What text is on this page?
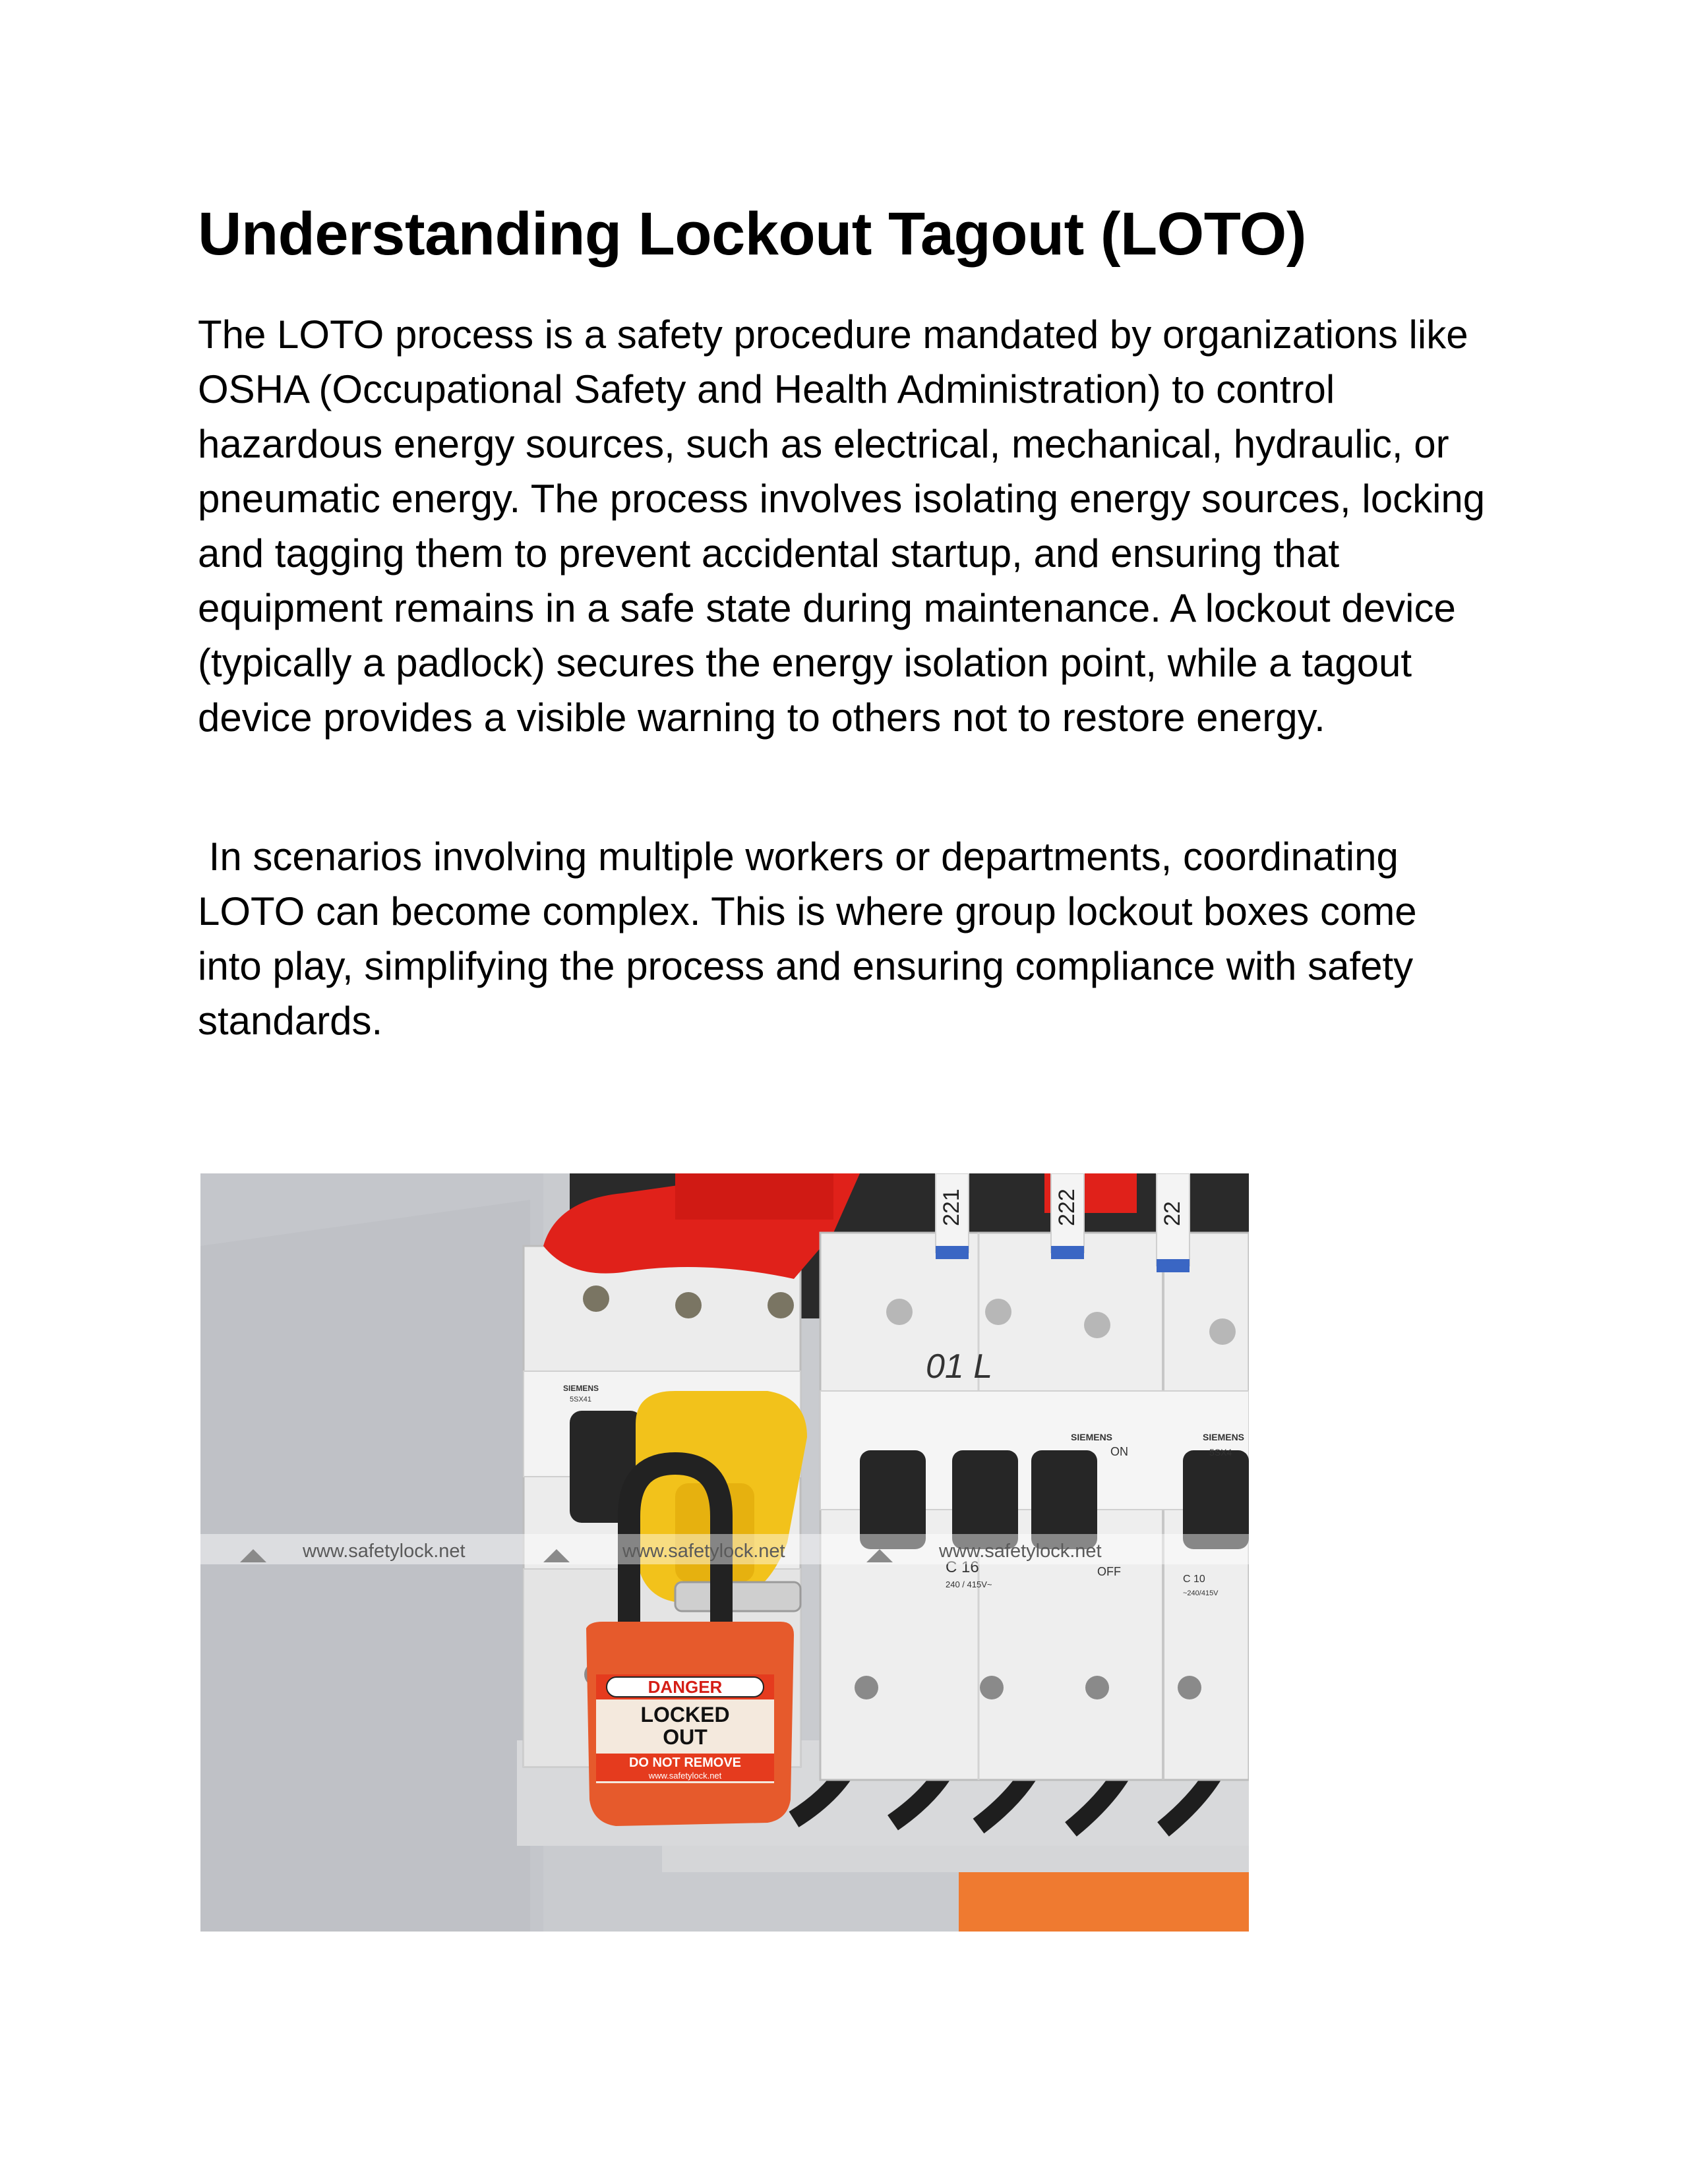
Understanding Lockout Tagout (LOTO)

The LOTO process is a safety procedure mandated by organizations like OSHA (Occupational Safety and Health Administration) to control hazardous energy sources, such as electrical, mechanical, hydraulic, or pneumatic energy. The process involves isolating energy sources, locking and tagging them to prevent accidental startup, and ensuring that equipment remains in a safe state during maintenance. A lockout device (typically a padlock) secures the energy isolation point, while a tagout device provides a visible warning to others not to restore energy.

In scenarios involving multiple workers or departments, coordinating LOTO can become complex. This is where group lockout boxes come into play, simplifying the process and ensuring compliance with safety standards.

221	222	22
01 L
SIEMENS
ON
SIEMENS
5SX4
SIEMENS
5SX41
C 16
240 / 415V~
OFF
C 10
~240/415V
www.safetylock.net	www.safetylock.net	www.safetylock.net
DANGER
LOCKED OUT
DO NOT REMOVE
www.safetylock.net
